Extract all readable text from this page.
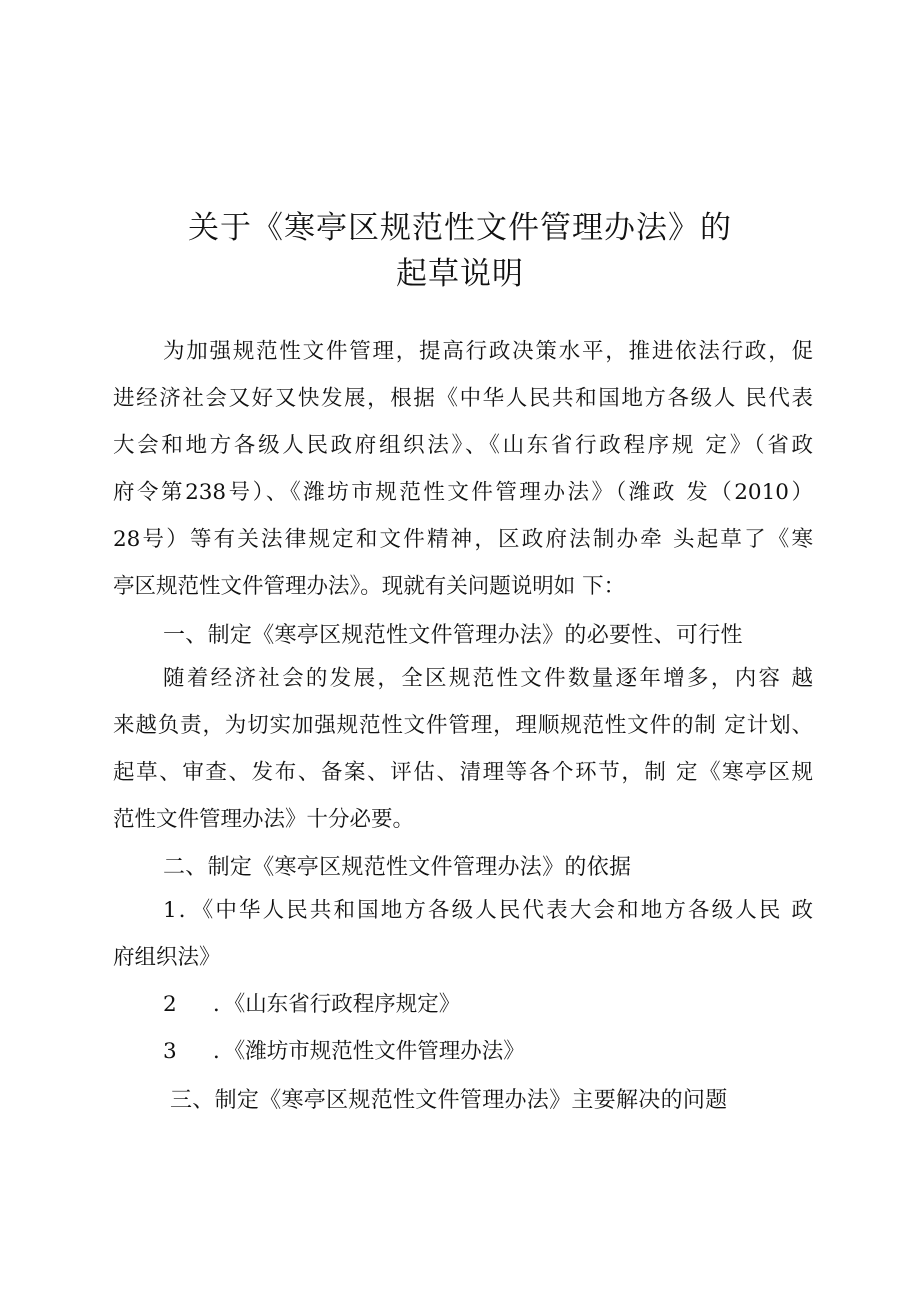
关于《寒亭区规范性文件管理办法》的
起草说明
为加强规范性文件管理，提高行政决策水平，推进依法行政，促
进经济社会又好又快发展，根据《中华人民共和国地方各级人 民代表
大会和地方各级人民政府组织法》、《山东省行政程序规 定》（省政
府令第238号）、《潍坊市规范性文件管理办法》（潍政 发（2010）
28号）等有关法律规定和文件精神，区政府法制办牵 头起草了《寒
亭区规范性文件管理办法》。现就有关问题说明如 下：
一、制定《寒亭区规范性文件管理办法》的必要性、可行性
随着经济社会的发展，全区规范性文件数量逐年增多，内容 越
来越负责，为切实加强规范性文件管理，理顺规范性文件的制 定计划、
起草、审查、发布、备案、评估、清理等各个环节，制 定《寒亭区规
范性文件管理办法》十分必要。
二、制定《寒亭区规范性文件管理办法》的依据
1．《中华人民共和国地方各级人民代表大会和地方各级人民 政
府组织法》
2	．《山东省行政程序规定》
3	．《潍坊市规范性文件管理办法》
三、制定《寒亭区规范性文件管理办法》主要解决的问题
